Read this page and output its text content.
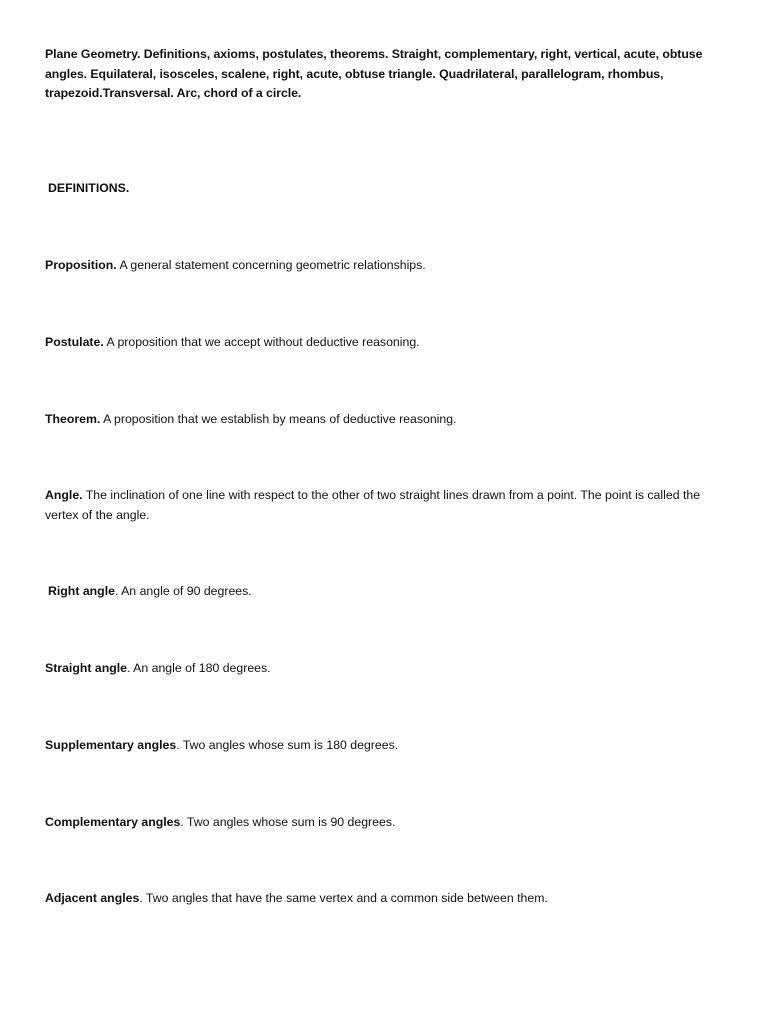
Plane Geometry. Definitions, axioms, postulates, theorems. Straight, complementary, right, vertical, acute, obtuse angles. Equilateral, isosceles, scalene, right, acute, obtuse triangle. Quadrilateral, parallelogram, rhombus, trapezoid.Transversal. Arc, chord of a circle.

DEFINITIONS.

Proposition. A general statement concerning geometric relationships.

Postulate. A proposition that we accept without deductive reasoning.

Theorem. A proposition that we establish by means of deductive reasoning.

Angle. The inclination of one line with respect to the other of two straight lines drawn from a point. The point is called the vertex of the angle.

Right angle. An angle of 90 degrees.

Straight angle. An angle of 180 degrees.

Supplementary angles. Two angles whose sum is 180 degrees.

Complementary angles. Two angles whose sum is 90 degrees.

Adjacent angles. Two angles that have the same vertex and a common side between them.
